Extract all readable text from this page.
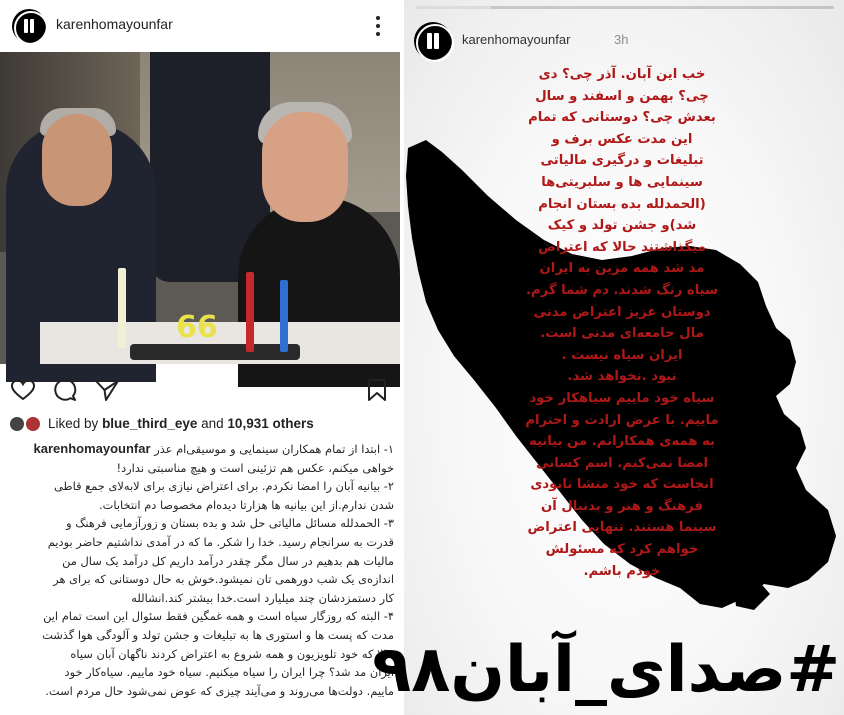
karenhomayounfar
66
Liked by blue_third_eye and 10,931 others
۱- ابتدا از تمام همکاران سینمایی و موسیقی‌ام عذر karenhomayounfar
خواهی میکنم، عکس هم تزئینی است و هیچ مناسبتی ندارد!
۲- بیانیه آبان را امضا نکردم. برای اعتراض نیازی برای لابه‌لای جمع قاطی
شدن ندارم.از این بیانیه ها هزارتا دیده‌ام مخصوصا دم انتخابات.
۳- الحمدلله مسائل مالیاتی حل شد و بده بستان و زورآزمایی فرهنگ و
قدرت به سرانجام رسید. خدا را شکر. ما که در آمدی نداشتیم حاضر بودیم
مالیات هم بدهیم در سال مگر چقدر درآمد داریم کل درآمد یک سال من
اندازه‌ی یک شب دورهمی تان نمیشود.خوش به حال دوستانی که برای هر
کار دستمزدشان چند میلیارد است.خدا بیشتر کند.انشالله
۴- البته که روزگار سیاه است و همه غمگین فقط سئوال این است تمام این
مدت که پست ها و استوری ها به تبلیغات و جشن تولد و آلودگی هوا گذشت
حالا که خود تلویزیون و همه شروع به اعتراض کردند ناگهان آبان سیاه
ایران مد شد؟ چرا ایران را سیاه میکنیم. سیاه خود ماییم. سیاه‌کار خود
ماییم. دولت‌ها می‌روند و می‌آیند چیزی که عوض نمی‌شود حال مردم است.
karenhomayounfar	3h
خب این آبان. آذر چی؟ دی
چی؟ بهمن و اسفند و سال
بعدش چی؟ دوستانی که تمام
این مدت عکس برف و
تبلیغات و درگیری مالیاتی
سینمایی ها و سلبریتی‌ها
(الحمدلله بده بستان انجام
شد)و جشن تولد و کیک
میگذاشتند حالا که اعتراض
مد شد همه مزین به ایران
سیاه رنگ شدند. دم شما گرم.
دوستان عزیز اعتراض مدنی
مال جامعه‌ای مدنی است.
ایران سیاه نیست .
نبود .نخواهد شد.
سیاه خود ماییم سیاهکار خود
ماییم. با عرض ارادت و احترام
به همه‌ی همکارانم. من بیانیه
امضا نمی‌کنم. اسم کسانی
انجاست که خود منشا نابودی
فرهنگ و هنر و بدنبال آن
سینما هستند. تنهایی اعتراض
خواهم کرد که مسئولش
خودم باشم.
#صدای_آبان۹۸
